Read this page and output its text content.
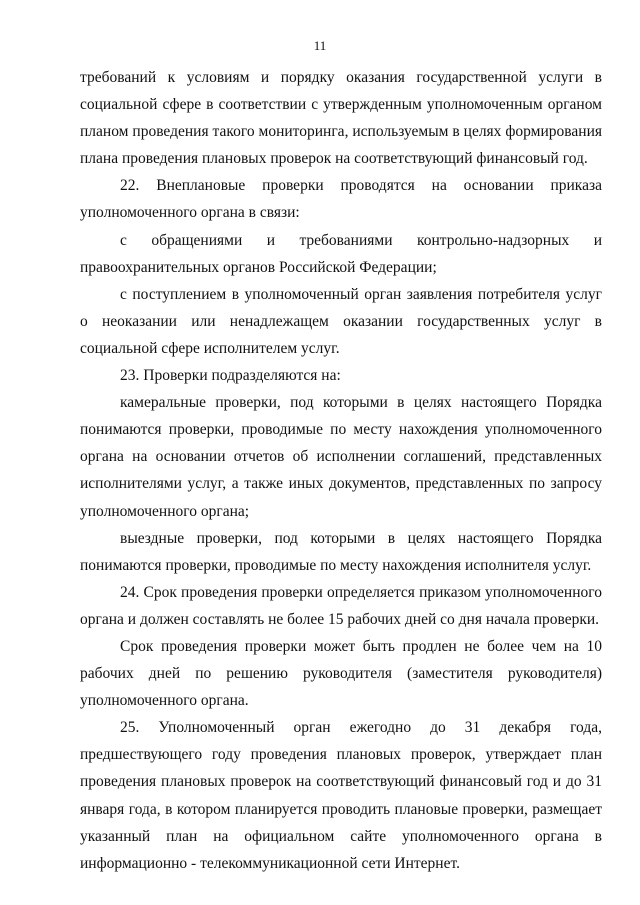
11

требований к условиям и порядку оказания государственной услуги в социальной сфере в соответствии с утвержденным уполномоченным органом планом проведения такого мониторинга, используемым в целях формирования плана проведения плановых проверок на соответствующий финансовый год.

22. Внеплановые проверки проводятся на основании приказа уполномоченного органа в связи:

с обращениями и требованиями контрольно-надзорных и правоохранительных органов Российской Федерации;

с поступлением в уполномоченный орган заявления потребителя услуг о неоказании или ненадлежащем оказании государственных услуг в социальной сфере исполнителем услуг.

23. Проверки подразделяются на:

камеральные проверки, под которыми в целях настоящего Порядка понимаются проверки, проводимые по месту нахождения уполномоченного органа на основании отчетов об исполнении соглашений, представленных исполнителями услуг, а также иных документов, представленных по запросу уполномоченного органа;

выездные проверки, под которыми в целях настоящего Порядка понимаются проверки, проводимые по месту нахождения исполнителя услуг.

24. Срок проведения проверки определяется приказом уполномоченного органа и должен составлять не более 15 рабочих дней со дня начала проверки.

Срок проведения проверки может быть продлен не более чем на 10 рабочих дней по решению руководителя (заместителя руководителя) уполномоченного органа.

25. Уполномоченный орган ежегодно до 31 декабря года, предшествующего году проведения плановых проверок, утверждает план проведения плановых проверок на соответствующий финансовый год и до 31 января года, в котором планируется проводить плановые проверки, размещает указанный план на официальном сайте уполномоченного органа в информационно - телекоммуникационной сети Интернет.
